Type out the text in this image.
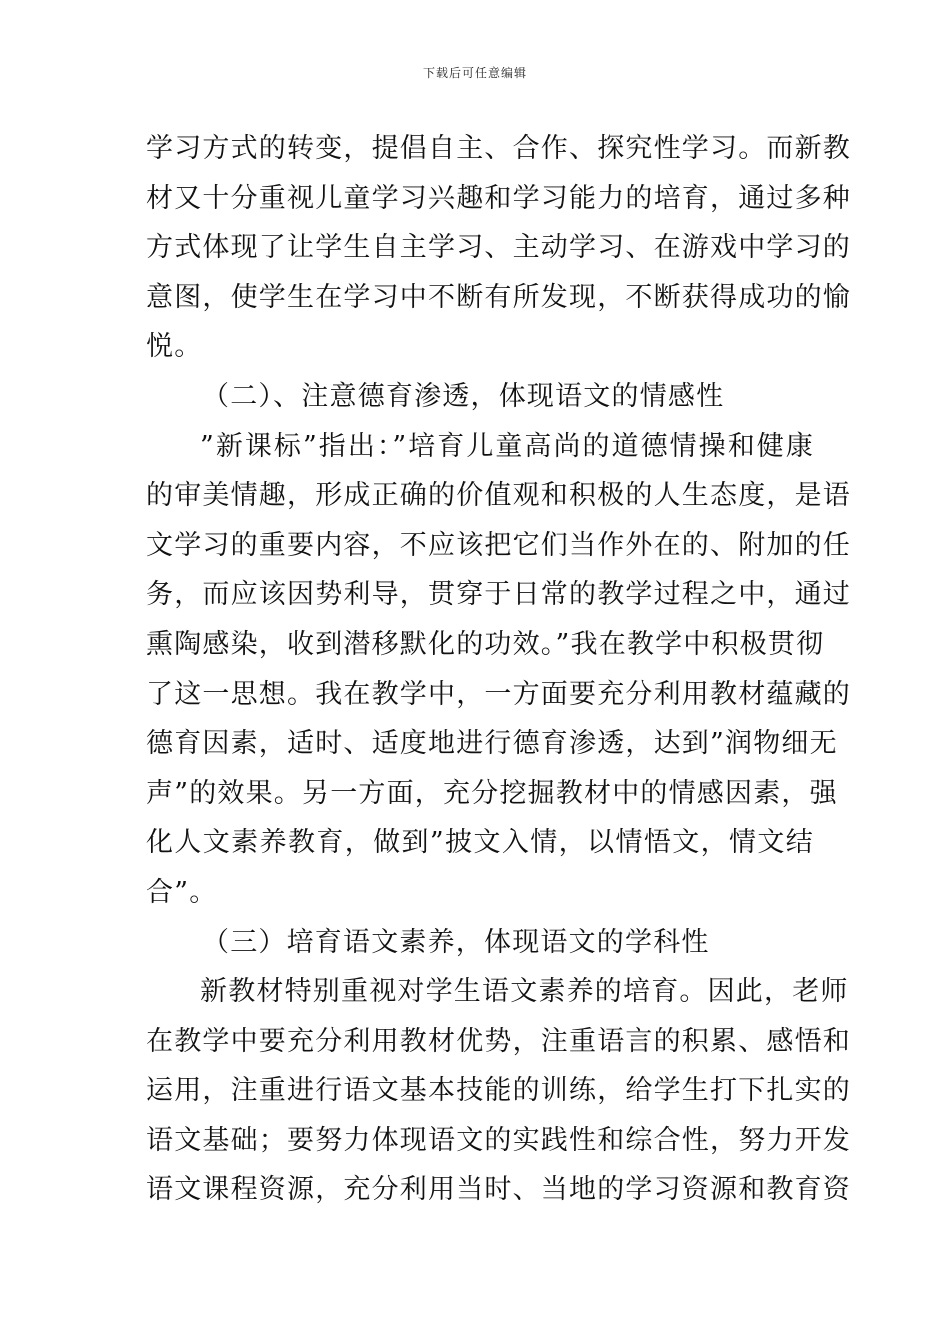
下载后可任意编辑
学习方式的转变，提倡自主、合作、探究性学习。而新教
材又十分重视儿童学习兴趣和学习能力的培育，通过多种
方式体现了让学生自主学习、主动学习、在游戏中学习的
意图，使学生在学习中不断有所发现，不断获得成功的愉
悦。
（二）、注意德育渗透，体现语文的情感性
”新课标”指出：”培育儿童高尚的道德情操和健康
的审美情趣，形成正确的价值观和积极的人生态度，是语
文学习的重要内容，不应该把它们当作外在的、附加的任
务，而应该因势利导，贯穿于日常的教学过程之中，通过
熏陶感染，收到潜移默化的功效。”我在教学中积极贯彻
了这一思想。我在教学中，一方面要充分利用教材蕴藏的
德育因素，适时、适度地进行德育渗透，达到”润物细无
声”的效果。另一方面，充分挖掘教材中的情感因素，强
化人文素养教育，做到”披文入情，以情悟文，情文结
合”。
（三）培育语文素养，体现语文的学科性
新教材特别重视对学生语文素养的培育。因此，老师
在教学中要充分利用教材优势，注重语言的积累、感悟和
运用，注重进行语文基本技能的训练，给学生打下扎实的
语文基础；要努力体现语文的实践性和综合性，努力开发
语文课程资源，充分利用当时、当地的学习资源和教育资
